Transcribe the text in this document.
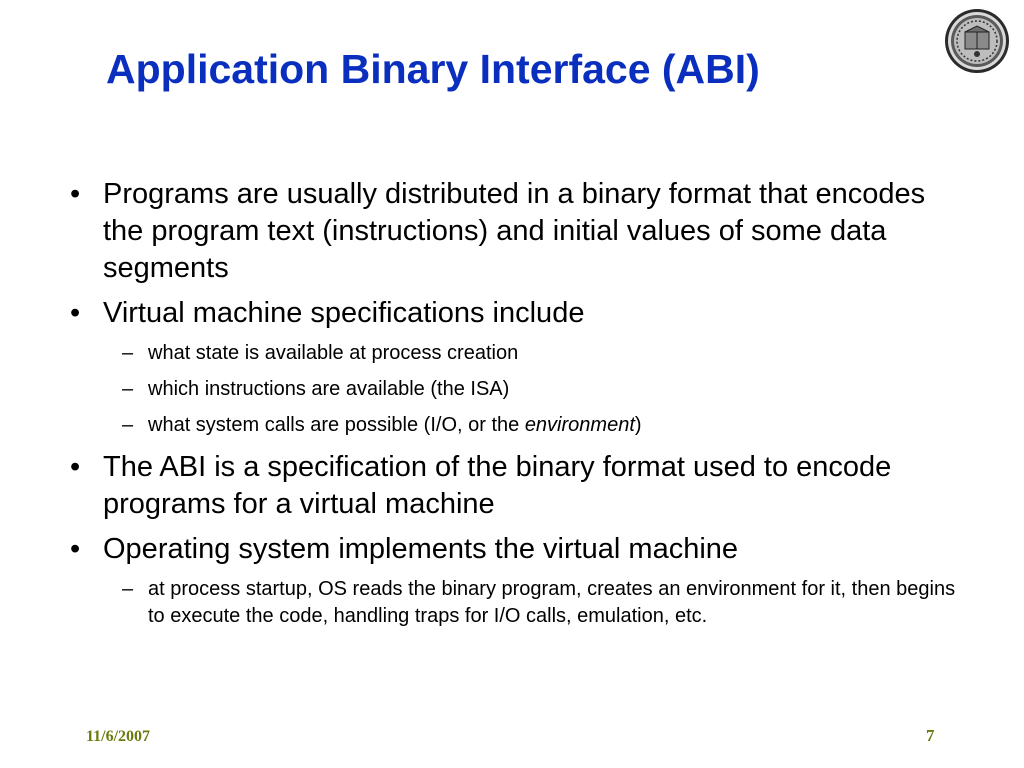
Application Binary Interface (ABI)
• Programs are usually distributed in a binary format that encodes the program text (instructions) and initial values of some data segments
• Virtual machine specifications include
– what state is available at process creation
– which instructions are available (the ISA)
– what system calls are possible (I/O, or the environment)
• The ABI is a specification of the binary format used to encode programs for a virtual machine
• Operating system implements the virtual machine
– at process startup, OS reads the binary program, creates an environment for it, then begins to execute the code, handling traps for I/O calls, emulation, etc.
11/6/2007	7
